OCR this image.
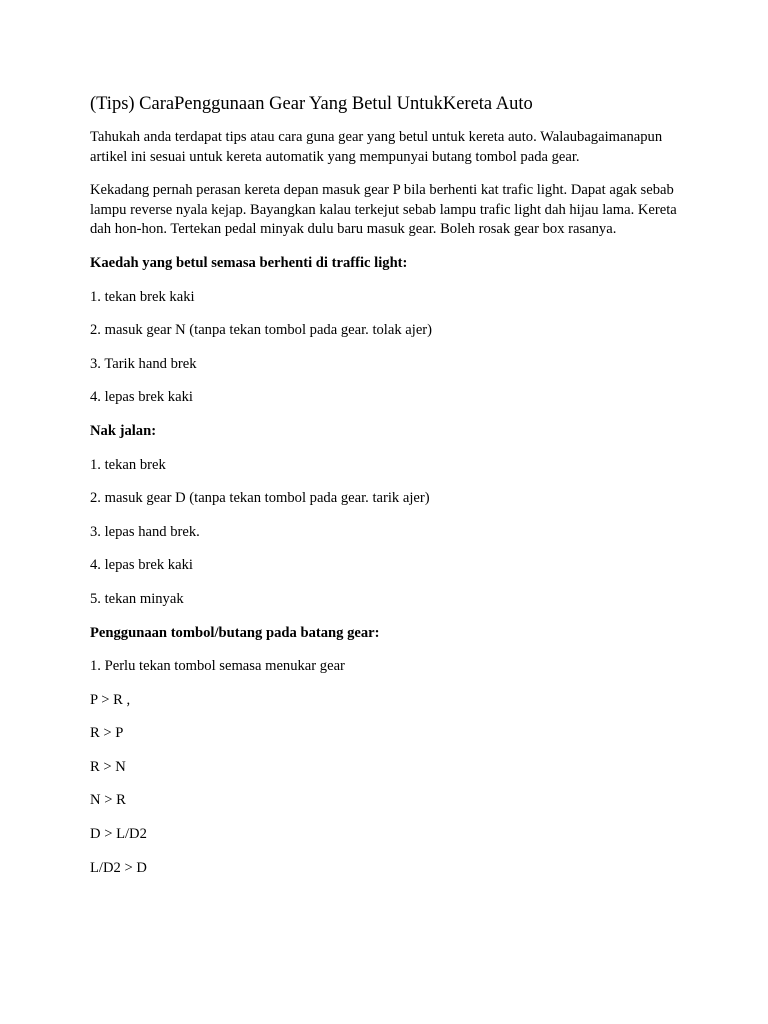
(Tips) CaraPenggunaan Gear Yang Betul UntukKereta Auto

Tahukah anda terdapat tips atau cara guna gear yang betul untuk kereta auto. Walaubagaimanapun artikel ini sesuai untuk kereta automatik yang mempunyai butang tombol pada gear.

Kekadang pernah perasan kereta depan masuk gear P bila berhenti kat trafic light. Dapat agak sebab lampu reverse nyala kejap. Bayangkan kalau terkejut sebab lampu trafic light dah hijau lama. Kereta dah hon-hon. Tertekan pedal minyak dulu baru masuk gear. Boleh rosak gear box rasanya.

Kaedah yang betul semasa berhenti di traffic light:

1. tekan brek kaki

2. masuk gear N (tanpa tekan tombol pada gear. tolak ajer)

3. Tarik hand brek

4. lepas brek kaki

Nak jalan:

1. tekan brek

2. masuk gear D (tanpa tekan tombol pada gear. tarik ajer)

3. lepas hand brek.

4. lepas brek kaki

5. tekan minyak

Penggunaan tombol/butang pada batang gear:

1. Perlu tekan tombol semasa menukar gear

P > R ,

R > P

R > N

N > R

D > L/D2

L/D2 > D
